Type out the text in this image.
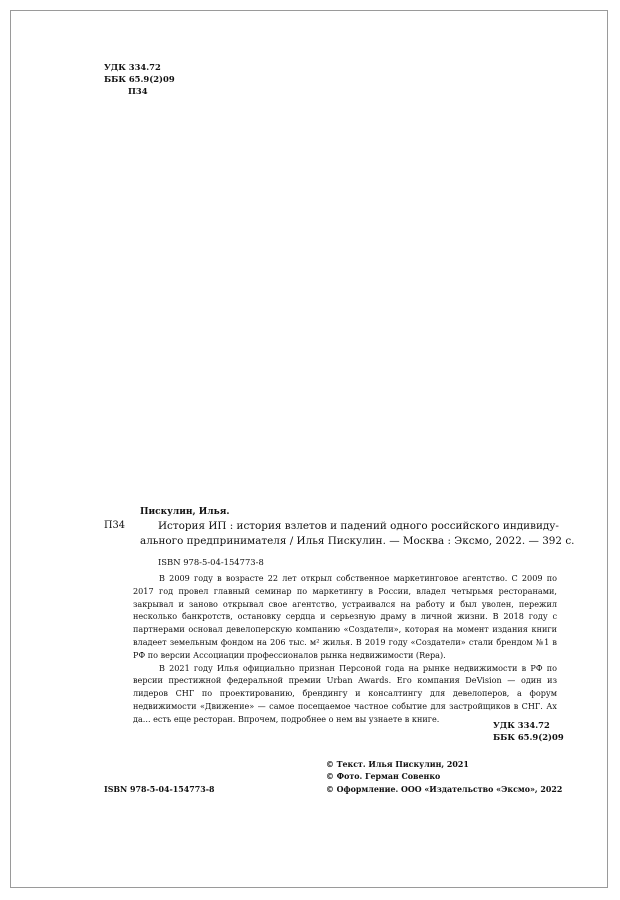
УДК 334.72
ББК 65.9(2)09
П34
Пискулин, Илья.
П34	История ИП : история взлетов и падений одного российского индивиду-
ального предпринимателя / Илья Пискулин. — Москва : Эксмо, 2022. — 392 с.
ISBN 978-5-04-154773-8

В 2009 году в возрасте 22 лет открыл собственное маркетинговое агентство. С 2009 по 2017 год провел главный семинар по маркетингу в России, владел четырьмя ресторанами, закрывал и заново открывал свое агентство, устраивался на работу и был уволен, пережил несколько банкротств, остановку сердца и серьезную драму в личной жизни. В 2018 году с партнерами основал девелоперскую компанию «Создатели», которая на момент издания книги владеет земельным фондом на 206 тыс. м² жилья. В 2019 году «Создатели» стали брендом №1 в РФ по версии Ассоциации профессионалов рынка недвижимости (Repa).

В 2021 году Илья официально признан Персоной года на рынке недвижимости в РФ по версии престижной федеральной премии Urban Awards. Его компания DeVision — один из лидеров СНГ по проектированию, брендингу и консалтингу для девелоперов, а форум недвижимости «Движение» — самое посещаемое частное событие для застройщиков в СНГ. Ах да... есть еще ресторан. Впрочем, подробнее о нем вы узнаете в книге.

УДК 334.72
ББК 65.9(2)09
ISBN 978-5-04-154773-8
© Текст. Илья Пискулин, 2021
© Фото. Герман Совенко
© Оформление. ООО «Издательство «Эксмо», 2022
